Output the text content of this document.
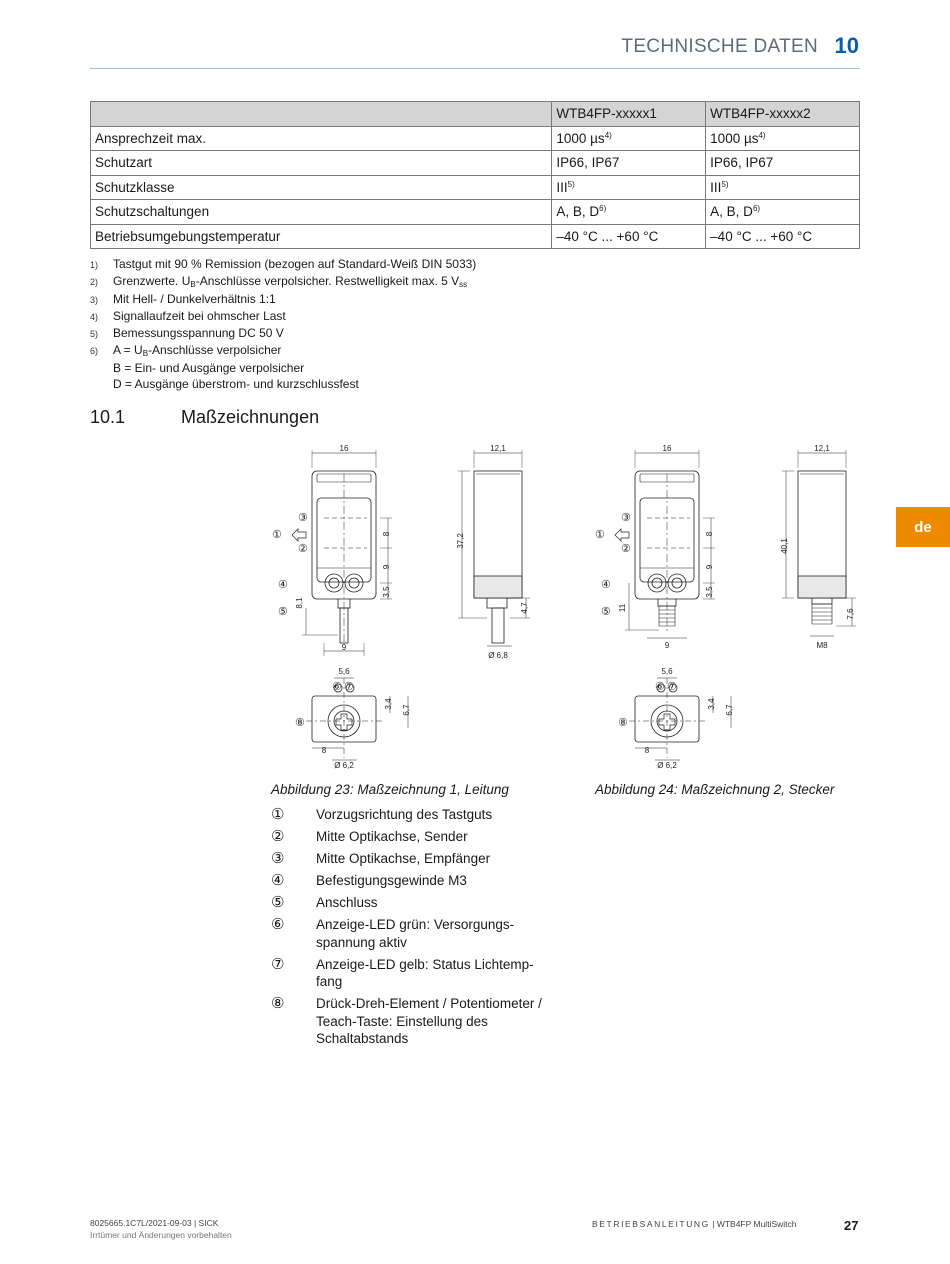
TECHNISCHE DATEN 10
	WTB4FP-xxxxx1	WTB4FP-xxxxx2
Ansprechzeit max.	1000 µs$^{4)}$	1000 µs$^{4)}$
Schutzart	IP66, IP67	IP66, IP67
Schutzklasse	III$^{5)}$	III$^{5)}$
Schutzschaltungen	A, B, $D^{6)}$	A, B, $D^{6)}$
Betriebsumgebungstemperatur	–40 °C ... +60 °C	–40 °C ... +60 °C
1)	Tastgut mit 90 % Remission (bezogen auf Standard-Weiß DIN 5033)
2)	Grenzwerte. $U_B$-Anschlüsse verpolsicher. Restwelligkeit max. 5 $V_{ss}$
3)	Mit Hell- / Dunkelverhältnis 1:1
4)	Signallaufzeit bei ohmscher Last
5)	Bemessungsspannung DC 50 V
6)	$A = U_B$-Anschlüsse verpolsicher
B = Ein- und Ausgänge verpolsicher
D = Ausgänge überstrom- und kurzschlussfest
10.1	Maßzeichnungen
16
8
9
3,5
8,1
9
③
①
②
④
⑤
12,1
37,2
4,7
Ø 6,8
5,6
3,4
6,7
8
Ø 6,2
⑥ ⑦
⑧
16
8
9
3,5
11
9
③
①
②
④
⑤
12,1
40,1
7,6
M8
5,6
3,4
6,7
8
Ø 6,2
⑥ ⑦
⑧
Abbildung 23: Maßzeichnung 1, Leitung	Abbildung 24: Maßzeichnung 2, Stecker
①	Vorzugsrichtung des Tastguts
②	Mitte Optikachse, Sender
③	Mitte Optikachse, Empfänger
④	Befestigungsgewinde M3
⑤	Anschluss
⑥	Anzeige-LED grün: Versorgungsspannung aktiv
⑦	Anzeige-LED gelb: Status Lichtempfang
⑧	Drück-Dreh-Element / Potentiometer / Teach-Taste: Einstellung des Schaltabstands
de
8025665.1C7L/2021-09-03 | SICK
Irrtümer und Änderungen vorbehalten
BETRIEBSANLEITUNG | WTB4FP MultiSwitch	27
